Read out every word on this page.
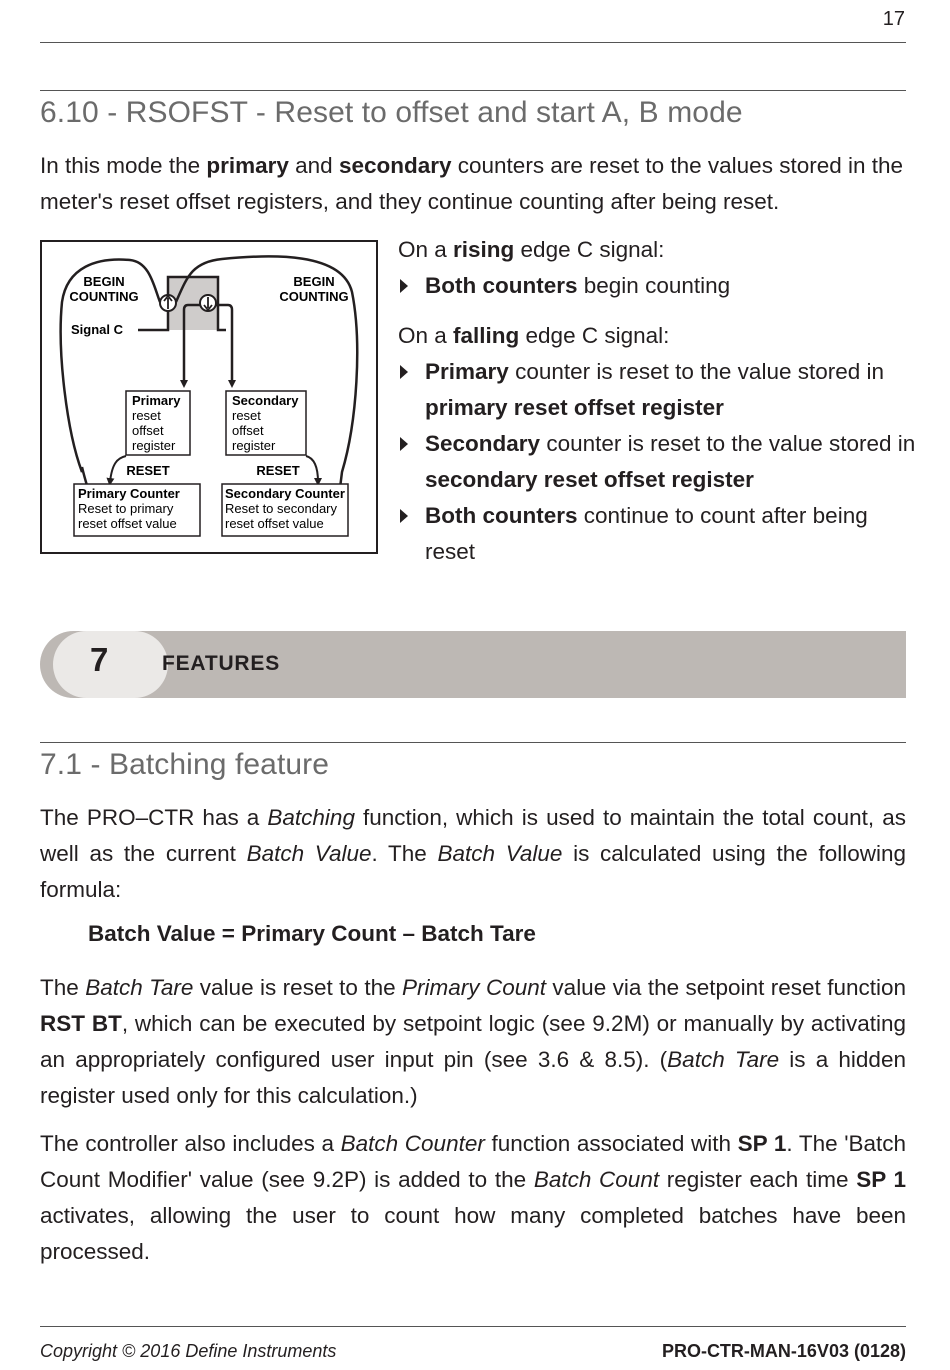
17
6.10 - RSOFST - Reset to offset and start A, B mode
In this mode the primary and secondary counters are reset to the values stored in the meter's reset offset registers, and they continue counting after being reset.
BEGIN
COUNTING
BEGIN
COUNTING
Signal C
Primary
reset
offset
register
Secondary
reset
offset
register
RESET	RESET
Primary Counter
Reset to primary
reset offset value
Secondary Counter
Reset to secondary
reset offset value
On a rising edge C signal:
Both counters begin counting
On a falling edge C signal:
Primary counter is reset to the value stored in primary reset offset register
Secondary counter is reset to the value stored in secondary reset offset register
Both counters continue to count after being reset
7	FEATURES
7.1 - Batching feature
The PRO–CTR has a Batching function, which is used to maintain the total count, as well as the current Batch Value. The Batch Value is calculated using the following formula:
Batch Value = Primary Count – Batch Tare
The Batch Tare value is reset to the Primary Count value via the setpoint reset function RST BT, which can be executed by setpoint logic (see 9.2M) or manually by activating an appropriately configured user input pin (see 3.6 & 8.5). (Batch Tare is a hidden register used only for this calculation.)
The controller also includes a Batch Counter function associated with SP 1. The 'Batch Count Modifier' value (see 9.2P) is added to the Batch Count register each time SP 1 activates, allowing the user to count how many completed batches have been processed.
Copyright © 2016 Define Instruments	PRO-CTR-MAN-16V03 (0128)
